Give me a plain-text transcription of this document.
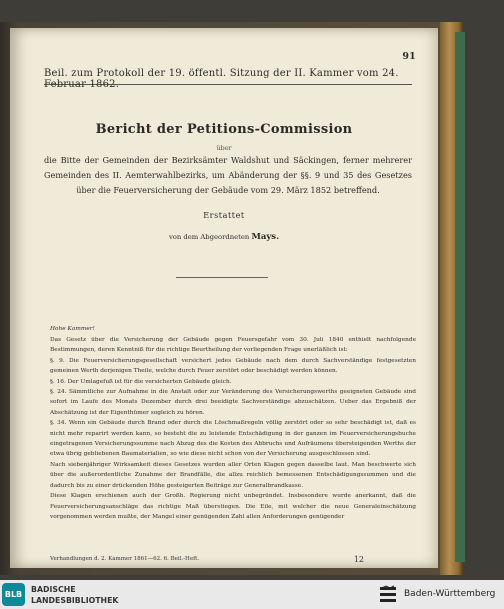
Beil. zum Protokoll der 19. öffentl. Sitzung der II. Kammer vom 24. Februar 1862.
91
Bericht der Petitions-Commission
über
die Bitte der Gemeinden der Bezirksämter Waldshut und Säckingen, ferner mehrerer Gemeinden des II. Aemterwahlbezirks, um Abänderung der §§. 9 und 35 des Gesetzes über die Feuerversicherung der Gebäude vom 29. März 1852 betreffend.
Erstattet
von dem Abgeordneten Mays.

Hohe Kammer!

Das Gesetz über die Versicherung der Gebäude gegen Feuersgefahr vom 30. Juli 1840 enthielt nachfolgende Bestimmungen, deren Kenntniß für die richtige Beurtheilung der vorliegenden Frage unerläßlich ist:

§. 9. Die Feuerversicherungsgesellschaft versichert jedes Gebäude nach dem durch Sachverständige festgesetzten gemeinen Werth derjenigen Theile, welche durch Feuer zerstört oder beschädigt werden können.

§. 16. Der Umlagefuß ist für die versicherten Gebäude gleich.

§. 24. Sämmtliche zur Aufnahme in die Anstalt oder zur Veränderung des Versicherungswerths geeigneten Gebäude sind sofort im Laufe des Monats Dezember durch drei beeidigte Sachverständige abzuschätzen. Ueber das Ergebniß der Abschätzung ist der Eigenthümer sogleich zu hören.

§. 34. Wenn ein Gebäude durch Brand oder durch die Löschmaßregeln völlig zerstört oder so sehr beschädigt ist, daß es nicht mehr reparirt werden kann, so besteht die zu leistende Entschädigung in der ganzen im Feuerversicherungsbuche eingetragenen Versicherungssumme nach Abzug des die Kosten des Abbruchs und Aufräumens übersteigenden Werths der etwa übrig gebliebenen Baumaterialien, so wie diese nicht schon von der Versicherung ausgeschlossen sind.

Nach siebenjähriger Wirksamkeit dieses Gesetzes wurden aller Orten Klagen gegen dasselbe laut. Man beschwerte sich über die außerordentliche Zunahme der Brandfälle, die allzu reichlich bemessenen Entschädigungssummen und die dadurch bis zu einer drückenden Höhe gesteigerten Beiträge zur Generalbrandkasse.

Diese Klagen erschienen auch der Großh. Regierung nicht unbegründet. Insbesondere wurde anerkannt, daß die Feuerversicherungsanschläge das richtige Maß überstiegen. Die Eile, mit welcher die neue Generaleinschätzung vorgenommen werden mußte, der Mangel einer genügenden Zahl allen Anforderungen genügender

Verhandlungen d. 2. Kammer 1861—62. 6. Beil.-Heft.	12
BLB
BADISCHE
LANDESBIBLIOTHEK
Baden-Württemberg
